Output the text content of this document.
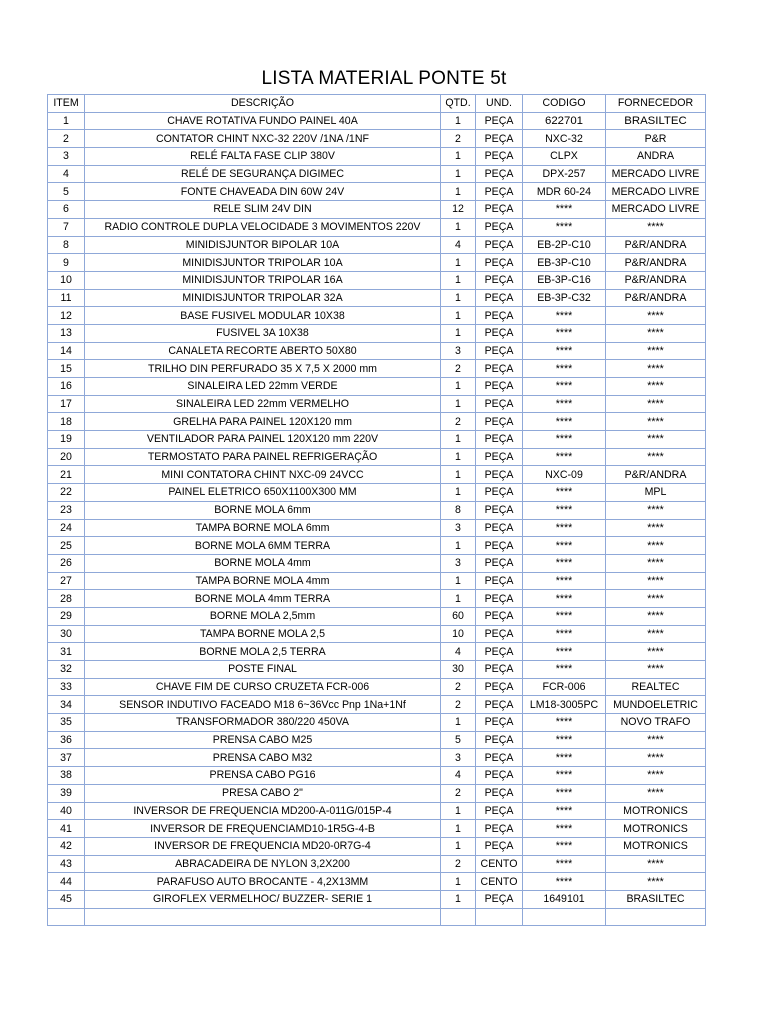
LISTA MATERIAL PONTE 5t
ITEM	DESCRIÇÃO	QTD.	UND.	CODIGO	FORNECEDOR
1	CHAVE ROTATIVA FUNDO PAINEL 40A	1	PEÇA	622701	BRASILTEC
2	CONTATOR CHINT NXC-32 220V /1NA /1NF	2	PEÇA	NXC-32	P&R
3	RELÉ FALTA FASE CLIP 380V	1	PEÇA	CLPX	ANDRA
4	RELÉ DE SEGURANÇA DIGIMEC	1	PEÇA	DPX-257	MERCADO LIVRE
5	FONTE CHAVEADA DIN 60W 24V	1	PEÇA	MDR 60-24	MERCADO LIVRE
6	RELE SLIM 24V DIN	12	PEÇA	****	MERCADO LIVRE
7	RADIO CONTROLE DUPLA VELOCIDADE 3 MOVIMENTOS 220V	1	PEÇA	****	****
8	MINIDISJUNTOR BIPOLAR 10A	4	PEÇA	EB-2P-C10	P&R/ANDRA
9	MINIDISJUNTOR TRIPOLAR 10A	1	PEÇA	EB-3P-C10	P&R/ANDRA
10	MINIDISJUNTOR TRIPOLAR 16A	1	PEÇA	EB-3P-C16	P&R/ANDRA
11	MINIDISJUNTOR TRIPOLAR 32A	1	PEÇA	EB-3P-C32	P&R/ANDRA
12	BASE FUSIVEL MODULAR 10X38	1	PEÇA	****	****
13	FUSIVEL 3A 10X38	1	PEÇA	****	****
14	CANALETA RECORTE ABERTO 50X80	3	PEÇA	****	****
15	TRILHO DIN PERFURADO 35 X 7,5 X 2000 mm	2	PEÇA	****	****
16	SINALEIRA LED 22mm VERDE	1	PEÇA	****	****
17	SINALEIRA LED 22mm VERMELHO	1	PEÇA	****	****
18	GRELHA PARA PAINEL 120X120 mm	2	PEÇA	****	****
19	VENTILADOR PARA PAINEL 120X120 mm 220V	1	PEÇA	****	****
20	TERMOSTATO PARA PAINEL REFRIGERAÇÃO	1	PEÇA	****	****
21	MINI CONTATORA CHINT NXC-09 24VCC	1	PEÇA	NXC-09	P&R/ANDRA
22	PAINEL ELETRICO 650X1100X300 MM	1	PEÇA	****	MPL
23	BORNE MOLA 6mm	8	PEÇA	****	****
24	TAMPA BORNE MOLA 6mm	3	PEÇA	****	****
25	BORNE MOLA 6MM TERRA	1	PEÇA	****	****
26	BORNE MOLA 4mm	3	PEÇA	****	****
27	TAMPA BORNE MOLA 4mm	1	PEÇA	****	****
28	BORNE MOLA 4mm TERRA	1	PEÇA	****	****
29	BORNE MOLA 2,5mm	60	PEÇA	****	****
30	TAMPA BORNE MOLA 2,5	10	PEÇA	****	****
31	BORNE MOLA 2,5 TERRA	4	PEÇA	****	****
32	POSTE FINAL	30	PEÇA	****	****
33	CHAVE FIM DE CURSO CRUZETA FCR-006	2	PEÇA	FCR-006	REALTEC
34	SENSOR INDUTIVO FACEADO M18 6~36Vcc Pnp 1Na+1Nf	2	PEÇA	LM18-3005PC	MUNDOELETRIC
35	TRANSFORMADOR 380/220 450VA	1	PEÇA	****	NOVO TRAFO
36	PRENSA CABO M25	5	PEÇA	****	****
37	PRENSA CABO M32	3	PEÇA	****	****
38	PRENSA CABO PG16	4	PEÇA	****	****
39	PRESA CABO 2"	2	PEÇA	****	****
40	INVERSOR DE FREQUENCIA MD200-A-011G/015P-4	1	PEÇA	****	MOTRONICS
41	INVERSOR DE FREQUENCIAMD10-1R5G-4-B	1	PEÇA	****	MOTRONICS
42	INVERSOR DE FREQUENCIA MD20-0R7G-4	1	PEÇA	****	MOTRONICS
43	ABRACADEIRA DE NYLON 3,2X200	2	CENTO	****	****
44	PARAFUSO AUTO BROCANTE - 4,2X13MM	1	CENTO	****	****
45	GIROFLEX VERMELHOC/ BUZZER- SERIE 1	1	PEÇA	1649101	BRASILTEC
